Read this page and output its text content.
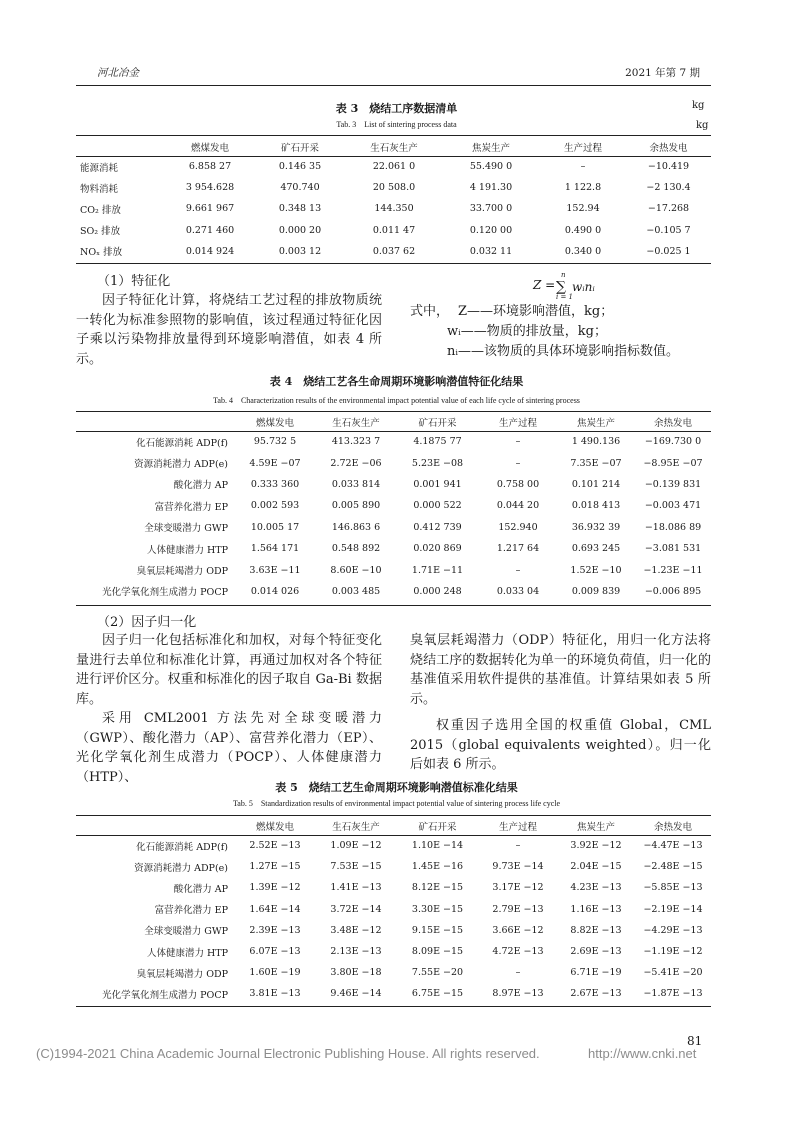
河北冶金	2021 年第 7 期
表 3　烧结工序数据清单	kg
Tab. 3　List of sintering process data	kg
	燃煤发电	矿石开采	生石灰生产	焦炭生产	生产过程	余热发电
能源消耗	6.858 27	0.146 35	22.061 0	55.490 0	–	−10.419
物料消耗	3 954.628	470.740	20 508.0	4 191.30	1 122.8	−2 130.4
CO₂ 排放	9.661 967	0.348 13	144.350	33.700 0	152.94	−17.268
SO₂ 排放	0.271 460	0.000 20	0.011 47	0.120 00	0.490 0	−0.105 7
NOₓ 排放	0.014 924	0.003 12	0.037 62	0.032 11	0.340 0	−0.025 1
（1）特征化
因子特征化计算，将烧结工艺过程的排放物质统一转化为标准参照物的影响值，该过程通过特征化因子乘以污染物排放量得到环境影响潜值，如表 4 所示。
Z =
n
∑
i = 1
wᵢnᵢ
式中， Z——环境影响潜值，kg；
wᵢ——物质的排放量，kg；
nᵢ——该物质的具体环境影响指标数值。
表 4　烧结工艺各生命周期环境影响潜值特征化结果
Tab. 4　Characterization results of the environmental impact potential value of each life cycle of sintering process
	燃煤发电	生石灰生产	矿石开采	生产过程	焦炭生产	余热发电
化石能源消耗 ADP(f)	95.732 5	413.323 7	4.1875 77	–	1 490.136	−169.730 0
资源消耗潜力 ADP(e)	4.59E −07	2.72E −06	5.23E −08	–	7.35E −07	−8.95E −07
酸化潜力 AP	0.333 360	0.033 814	0.001 941	0.758 00	0.101 214	−0.139 831
富营养化潜力 EP	0.002 593	0.005 890	0.000 522	0.044 20	0.018 413	−0.003 471
全球变暖潜力 GWP	10.005 17	146.863 6	0.412 739	152.940	36.932 39	−18.086 89
人体健康潜力 HTP	1.564 171	0.548 892	0.020 869	1.217 64	0.693 245	−3.081 531
臭氧层耗竭潜力 ODP	3.63E −11	8.60E −10	1.71E −11	–	1.52E −10	−1.23E −11
光化学氧化剂生成潜力 POCP	0.014 026	0.003 485	0.000 248	0.033 04	0.009 839	−0.006 895
（2）因子归一化
因子归一化包括标准化和加权，对每个特征变化量进行去单位和标准化计算，再通过加权对各个特征进行评价区分。权重和标准化的因子取自 Ga-Bi 数据库。
采用 CML2001 方法先对全球变暖潜力（GWP）、酸化潜力（AP）、富营养化潜力（EP）、光化学氧化剂生成潜力（POCP）、人体健康潜力（HTP）、
臭氧层耗竭潜力（ODP）特征化，用归一化方法将烧结工序的数据转化为单一的环境负荷值，归一化的基准值采用软件提供的基准值。计算结果如表 5 所示。
权重因子选用全国的权重值 Global，CML 2015（global equivalents weighted）。归一化后如表 6 所示。
表 5　烧结工艺生命周期环境影响潜值标准化结果
Tab. 5　Standardization results of environmental impact potential value of sintering process life cycle
	燃煤发电	生石灰生产	矿石开采	生产过程	焦炭生产	余热发电
化石能源消耗 ADP(f)	2.52E −13	1.09E −12	1.10E −14	–	3.92E −12	−4.47E −13
资源消耗潜力 ADP(e)	1.27E −15	7.53E −15	1.45E −16	9.73E −14	2.04E −15	−2.48E −15
酸化潜力 AP	1.39E −12	1.41E −13	8.12E −15	3.17E −12	4.23E −13	−5.85E −13
富营养化潜力 EP	1.64E −14	3.72E −14	3.30E −15	2.79E −13	1.16E −13	−2.19E −14
全球变暖潜力 GWP	2.39E −13	3.48E −12	9.15E −15	3.66E −12	8.82E −13	−4.29E −13
人体健康潜力 HTP	6.07E −13	2.13E −13	8.09E −15	4.72E −13	2.69E −13	−1.19E −12
臭氧层耗竭潜力 ODP	1.60E −19	3.80E −18	7.55E −20	–	6.71E −19	−5.41E −20
光化学氧化剂生成潜力 POCP	3.81E −13	9.46E −14	6.75E −15	8.97E −13	2.67E −13	−1.87E −13
81
(C)1994-2021 China Academic Journal Electronic Publishing House. All rights reserved.	http://www.cnki.net
